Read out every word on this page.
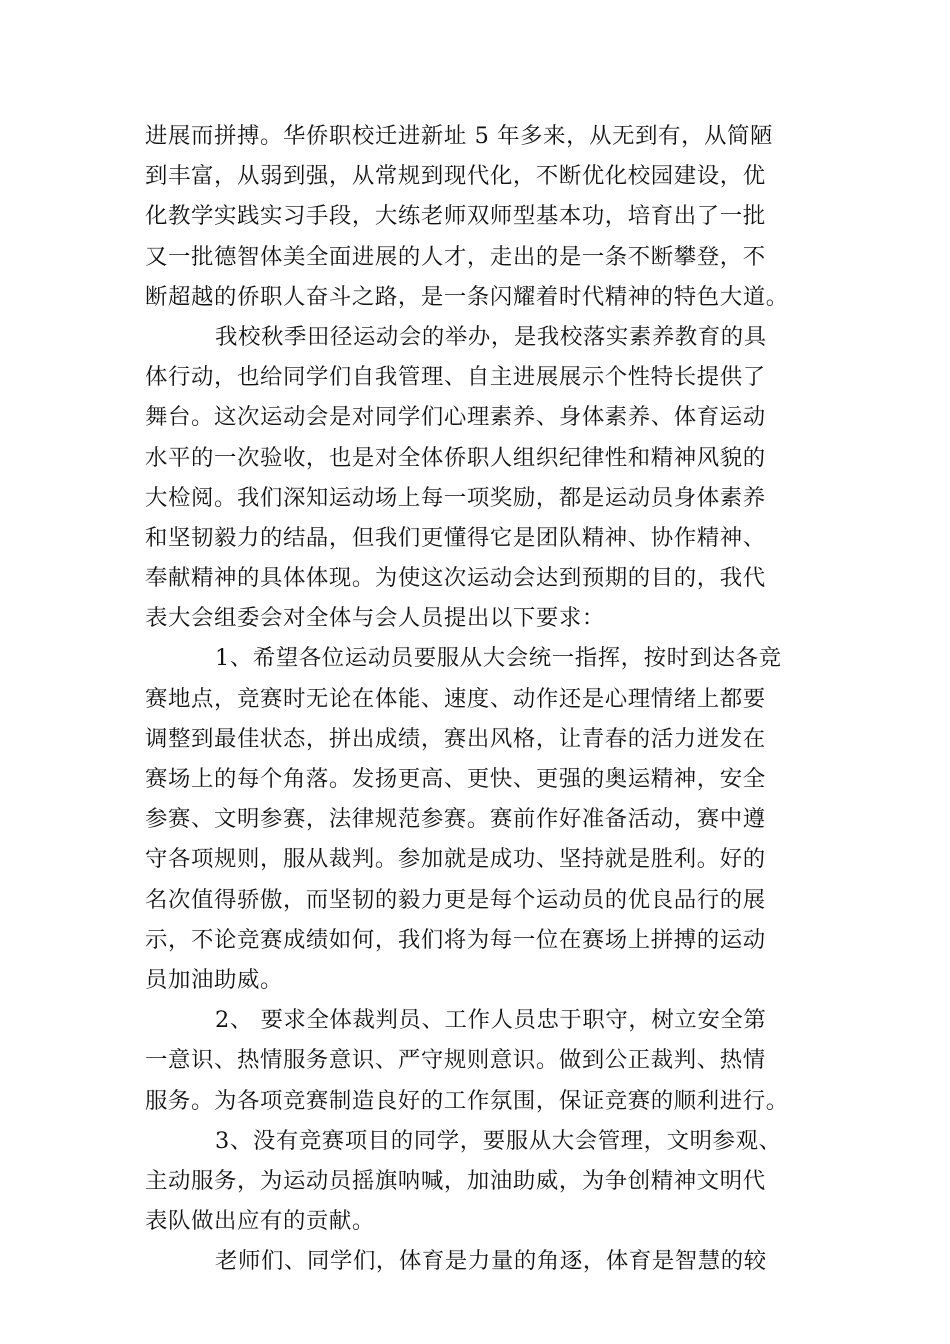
进展而拼搏。华侨职校迁进新址 5 年多来，从无到有，从简陋
到丰富，从弱到强，从常规到现代化，不断优化校园建设，优
化教学实践实习手段，大练老师双师型基本功，培育出了一批
又一批德智体美全面进展的人才，走出的是一条不断攀登，不
断超越的侨职人奋斗之路，是一条闪耀着时代精神的特色大道。
我校秋季田径运动会的举办，是我校落实素养教育的具
体行动，也给同学们自我管理、自主进展展示个性特长提供了
舞台。这次运动会是对同学们心理素养、身体素养、体育运动
水平的一次验收，也是对全体侨职人组织纪律性和精神风貌的
大检阅。我们深知运动场上每一项奖励，都是运动员身体素养
和坚韧毅力的结晶，但我们更懂得它是团队精神、协作精神、
奉献精神的具体体现。为使这次运动会达到预期的目的，我代
表大会组委会对全体与会人员提出以下要求：
1、希望各位运动员要服从大会统一指挥，按时到达各竞
赛地点，竞赛时无论在体能、速度、动作还是心理情绪上都要
调整到最佳状态，拼出成绩，赛出风格，让青春的活力迸发在
赛场上的每个角落。发扬更高、更快、更强的奥运精神，安全
参赛、文明参赛，法律规范参赛。赛前作好准备活动，赛中遵
守各项规则，服从裁判。参加就是成功、坚持就是胜利。好的
名次值得骄傲，而坚韧的毅力更是每个运动员的优良品行的展
示，不论竞赛成绩如何，我们将为每一位在赛场上拼搏的运动
员加油助威。
2、 要求全体裁判员、工作人员忠于职守，树立安全第
一意识、热情服务意识、严守规则意识。做到公正裁判、热情
服务。为各项竞赛制造良好的工作氛围，保证竞赛的顺利进行。
3、没有竞赛项目的同学，要服从大会管理，文明参观、
主动服务，为运动员摇旗呐喊，加油助威，为争创精神文明代
表队做出应有的贡献。
老师们、同学们，体育是力量的角逐，体育是智慧的较
